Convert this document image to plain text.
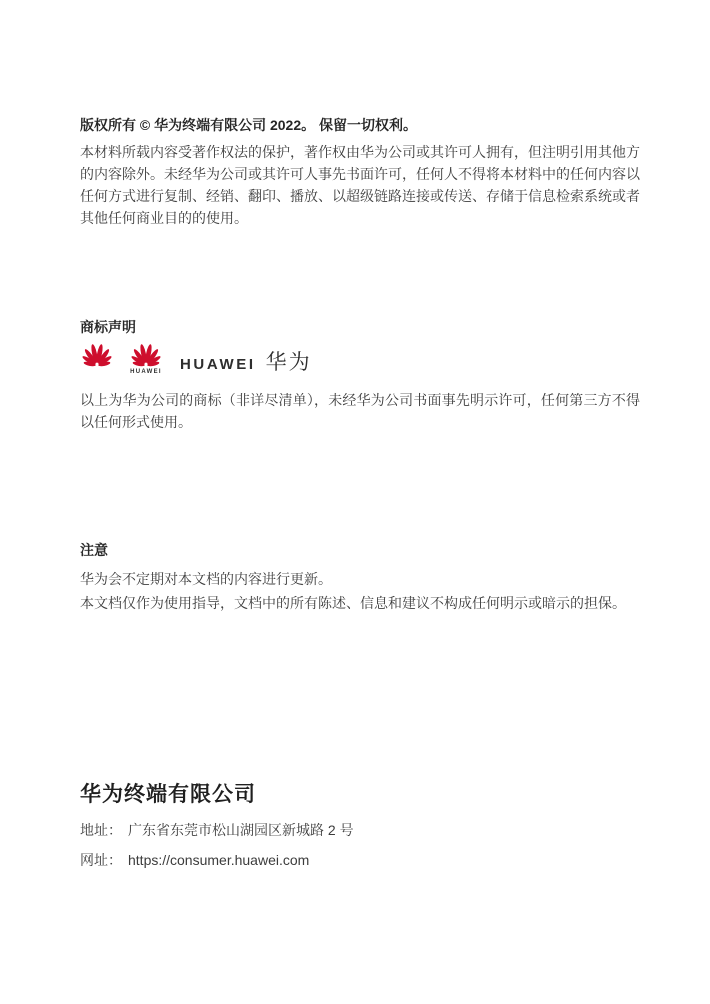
版权所有 © 华为终端有限公司 2022。 保留一切权利。

本材料所载内容受著作权法的保护，著作权由华为公司或其许可人拥有，但注明引用其他方的内容除外。未经华为公司或其许可人事先书面许可，任何人不得将本材料中的任何内容以任何方式进行复制、经销、翻印、播放、以超级链路连接或传送、存储于信息检索系统或者其他任何商业目的的使用。

商标声明
HUAWEI HUAWEI 华为

以上为华为公司的商标（非详尽清单），未经华为公司书面事先明示许可，任何第三方不得以任何形式使用。

注意

华为会不定期对本文档的内容进行更新。

本文档仅作为使用指导，文档中的所有陈述、信息和建议不构成任何明示或暗示的担保。

华为终端有限公司
地址： 广东省东莞市松山湖园区新城路 2 号
网址： https://consumer.huawei.com
